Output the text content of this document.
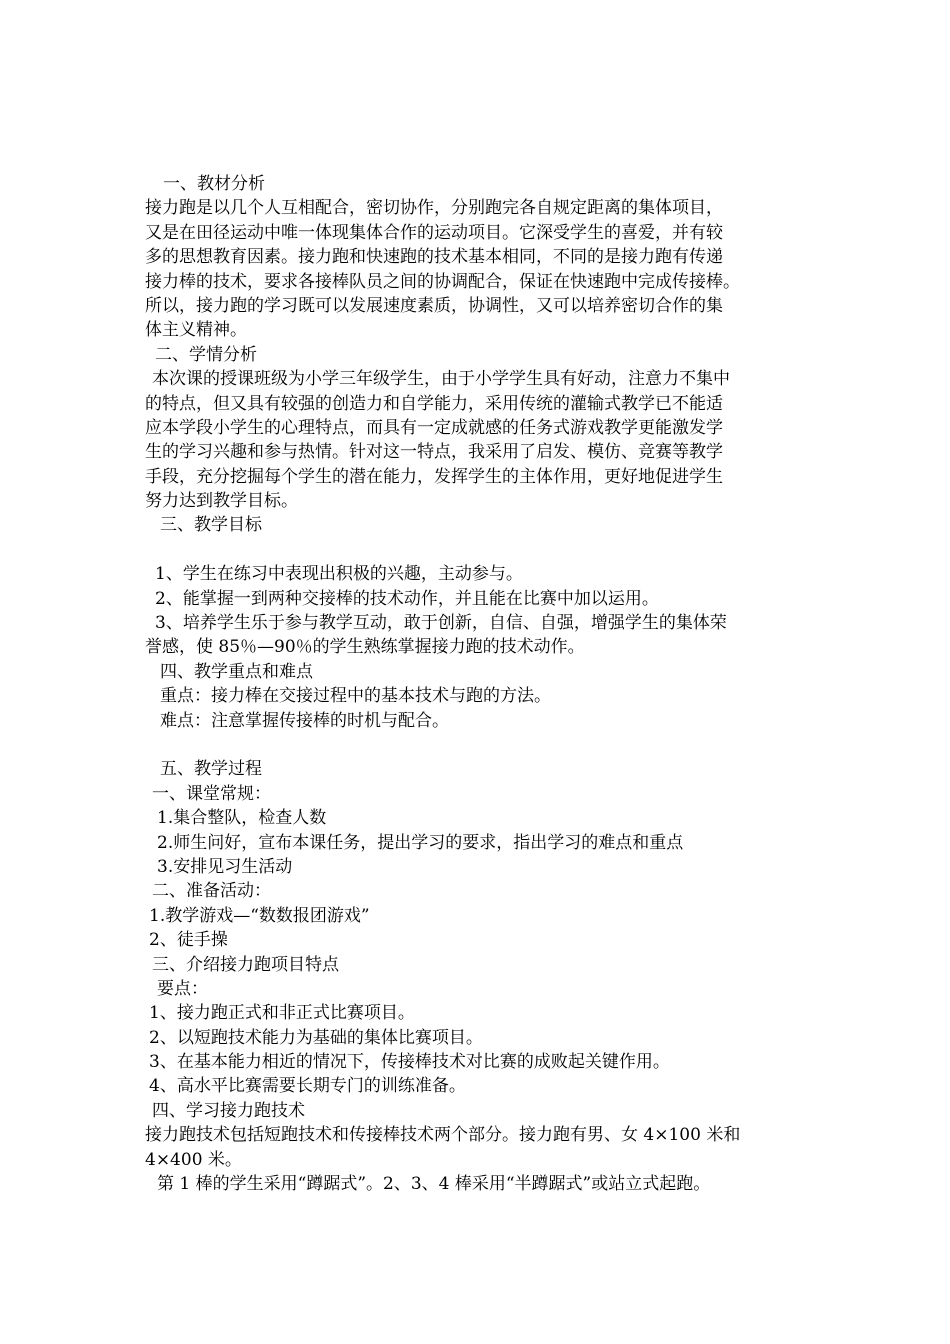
一、教材分析
接力跑是以几个人互相配合，密切协作，分别跑完各自规定距离的集体项目，
又是在田径运动中唯一体现集体合作的运动项目。它深受学生的喜爱，并有较
多的思想教育因素。接力跑和快速跑的技术基本相同，不同的是接力跑有传递
接力棒的技术，要求各接棒队员之间的协调配合，保证在快速跑中完成传接棒。
所以，接力跑的学习既可以发展速度素质，协调性，又可以培养密切合作的集
体主义精神。
二、学情分析
本次课的授课班级为小学三年级学生，由于小学学生具有好动，注意力不集中
的特点，但又具有较强的创造力和自学能力，采用传统的灌输式教学已不能适
应本学段小学生的心理特点，而具有一定成就感的任务式游戏教学更能激发学
生的学习兴趣和参与热情。针对这一特点，我采用了启发、模仿、竞赛等教学
手段，充分挖掘每个学生的潜在能力，发挥学生的主体作用，更好地促进学生
努力达到教学目标。
三、教学目标
1、学生在练习中表现出积极的兴趣，主动参与。
2、能掌握一到两种交接棒的技术动作，并且能在比赛中加以运用。
3、培养学生乐于参与教学互动，敢于创新，自信、自强，增强学生的集体荣
誉感，使 85％—90％的学生熟练掌握接力跑的技术动作。
四、教学重点和难点
重点：接力棒在交接过程中的基本技术与跑的方法。
难点：注意掌握传接棒的时机与配合。
五、教学过程
一、课堂常规：
1.集合整队，检查人数
2.师生问好，宣布本课任务，提出学习的要求，指出学习的难点和重点
3.安排见习生活动
二、准备活动：
1.教学游戏—“数数报团游戏”
2、徒手操
三、介绍接力跑项目特点
要点：
1、接力跑正式和非正式比赛项目。
2、以短跑技术能力为基础的集体比赛项目。
3、在基本能力相近的情况下，传接棒技术对比赛的成败起关键作用。
4、高水平比赛需要长期专门的训练准备。
四、学习接力跑技术
接力跑技术包括短跑技术和传接棒技术两个部分。接力跑有男、女 4×100 米和
4×400 米。
第 1 棒的学生采用“蹲踞式”。2、3、4 棒采用“半蹲踞式”或站立式起跑。
